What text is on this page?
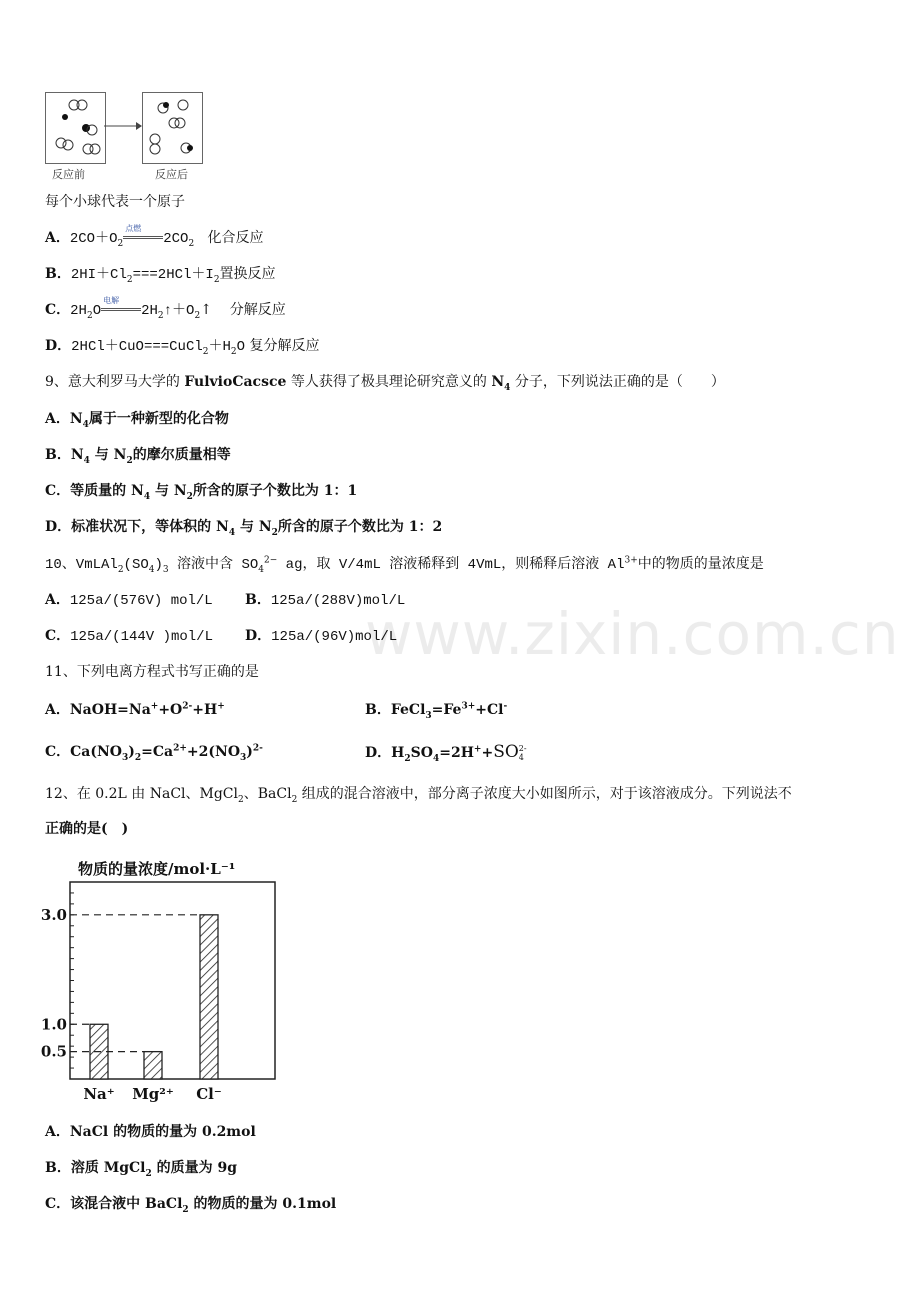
反应前	反应后
www.zixin.com.cn
每个小球代表一个原子
A．$2CO+O_2$
点燃
$2CO_2$ 化合反应
B．$2HI+Cl_2===2HCl+I_2$置换反应
C．$2H_2O$
电解
$2H_2↑+O_2↑$    分解反应
D．$2HCl+CuO===CuCl_2+H_2O$ 复分解反应
9、意大利罗马大学的 FulvioCacsce 等人获得了极具理论研究意义的 $N_4$ 分子，下列说法正确的是（　　）
A．$N_4$属于一种新型的化合物
B．$N_4$ 与 $N_2$的摩尔质量相等
C．等质量的 $N_4$ 与 $N_2$所含的原子个数比为 1：1
D．标准状况下，等体积的 $N_4$ 与 $N_2$所含的原子个数比为 1：2
10、$VmLAl_2(SO_4)_3$ 溶液中含 $SO_4^{2-}$ ag，取 V/4mL 溶液稀释到 4VmL，则稀释后溶液 $Al^{3+}$中的物质的量浓度是
A．125a/(576V) mol/L B．125a/(288V)mol/L
C．125a/(144V )mol/L D．125a/(96V)mol/L
11、下列电离方程式书写正确的是
A．$NaOH=Na^++O^{2-}+H^+$	B．$FeCl_3=Fe^{3+}+Cl^-$
C．$Ca(NO_3)_2=Ca^{2+}+2(NO_3)^{2-}$	D．$H_2SO_4=2H^++SO$ 2-
4
12、在 0.2L 由 NaCl、MgCl$_2$、BaCl$_2$ 组成的混合溶液中，部分离子浓度大小如图所示，对于该溶液成分。下列说法不
正确的是(　)
物质的量浓度/mol·L⁻¹
Na⁺ Mg²⁺ Cl⁻
3.0
1.0
0.5
A．NaCl 的物质的量为 0.2mol
B．溶质 MgCl$_2$ 的质量为 9g
C．该混合液中 BaCl$_2$ 的物质的量为 0.1mol
